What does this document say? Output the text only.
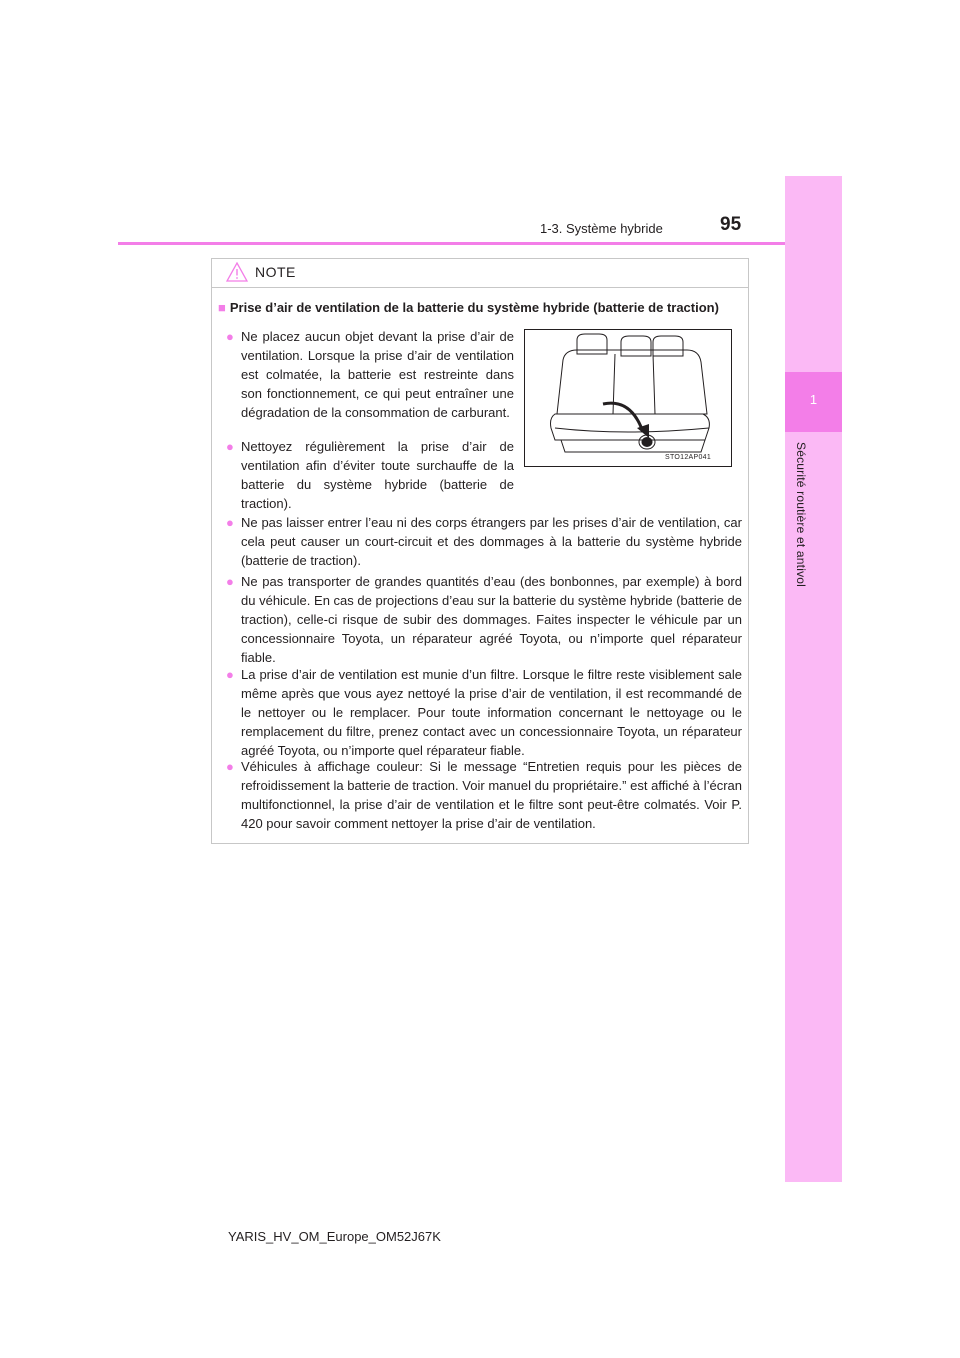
1
Sécurité routière et antivol
1-3. Système hybride	95
NOTE
■ Prise d’air de ventilation de la batterie du système hybride (batterie de traction)
● Ne placez aucun objet devant la prise d’air de ventilation. Lorsque la prise d’air de ventilation est colmatée, la batterie est restreinte dans son fonctionnement, ce qui peut entraîner une dégradation de la consommation de carburant.
● Nettoyez régulièrement la prise d’air de ventilation afin d’éviter toute surchauffe de la batterie du système hybride (batterie de traction).
● Ne pas laisser entrer l’eau ni des corps étrangers par les prises d’air de ventilation, car cela peut causer un court-circuit et des dommages à la batterie du système hybride (batterie de traction).
● Ne pas transporter de grandes quantités d’eau (des bonbonnes, par exemple) à bord du véhicule. En cas de projections d’eau sur la batterie du système hybride (batterie de traction), celle-ci risque de subir des dommages. Faites inspecter le véhicule par un concessionnaire Toyota, un réparateur agréé Toyota, ou n’importe quel réparateur fiable.
● La prise d’air de ventilation est munie d’un filtre. Lorsque le filtre reste visiblement sale même après que vous ayez nettoyé la prise d’air de ventilation, il est recommandé de le nettoyer ou le remplacer. Pour toute information concernant le nettoyage ou le remplacement du filtre, prenez contact avec un concessionnaire Toyota, un réparateur agréé Toyota, ou n’importe quel réparateur fiable.
● Véhicules à affichage couleur: Si le message “Entretien requis pour les pièces de refroidissement la batterie de traction. Voir manuel du propriétaire.” est affiché à l’écran multifonctionnel, la prise d’air de ventilation et le filtre sont peut-être colmatés. Voir P. 420 pour savoir comment nettoyer la prise d’air de ventilation.
STO12AP041
YARIS_HV_OM_Europe_OM52J67K
